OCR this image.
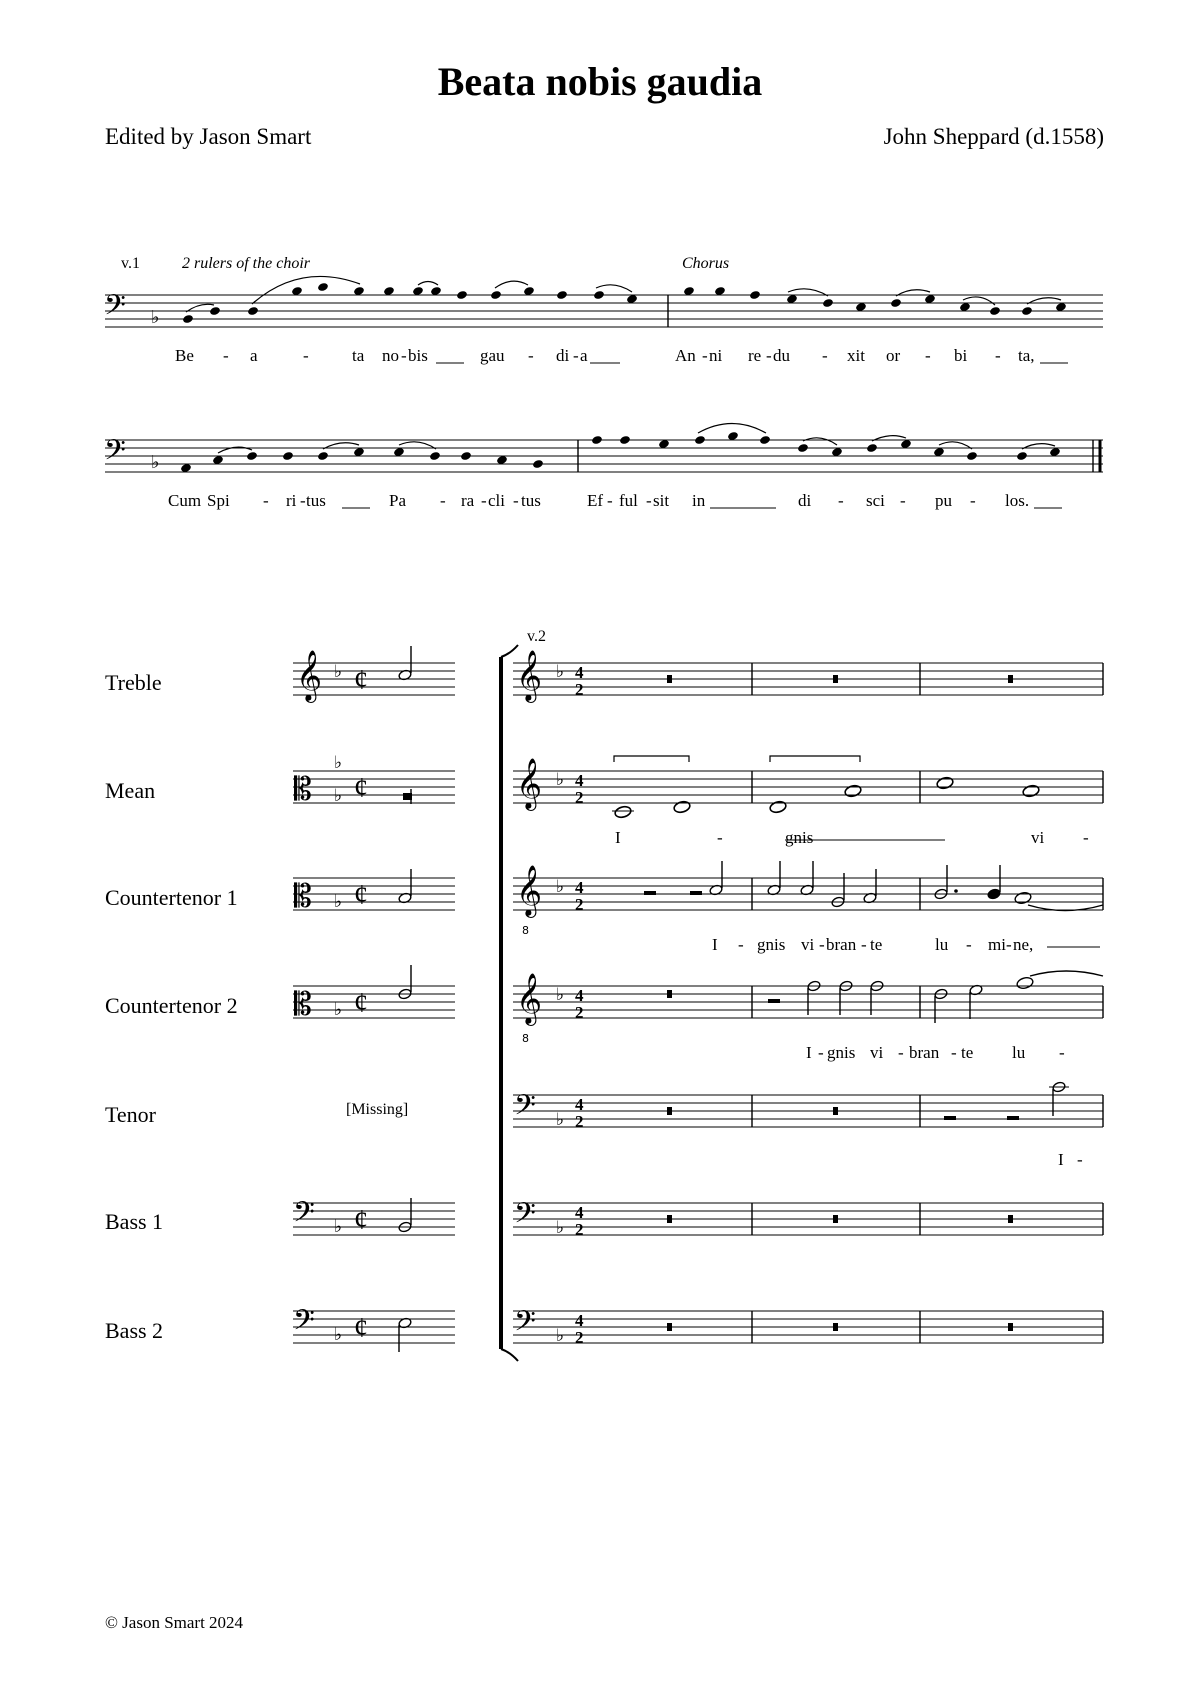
Beata nobis gaudia
Edited by Jason Smart	John Sheppard (d.1558)
v.1	2 rulers of the choir	Chorus
Be - a	-	ta no - bis	gau - di - a	An - ni re - du - xit or - bi - ta,
Cum Spi - ri - tus	Pa - ra - cli - tus	Ef - ful - sit in	di - sci - pu - los.
v.2
Treble
Mean
Countertenor 1
Countertenor 2
Tenor
Bass 1
Bass 2
[Missing]
I	-	gnis	vi -
I - gnis vi - bran - te	lu - mi - ne,
I - gnis vi - bran - te lu -
I -
© Jason Smart 2024
𝄢 ♭
𝄢 ♭
𝄞
𝄡
𝄡
𝄡
𝄢
𝄢
♭
♭
♭
♭
♭
♭
♭
¢
¢
¢
¢
¢
¢
𝄞
𝄞
𝄞
𝄞
8
8
𝄢
𝄢
𝄢
♭
♭
♭
♭
♭
♭
♭
4
2
4
2
4
2
4
2
4
2
4
2
4
2
